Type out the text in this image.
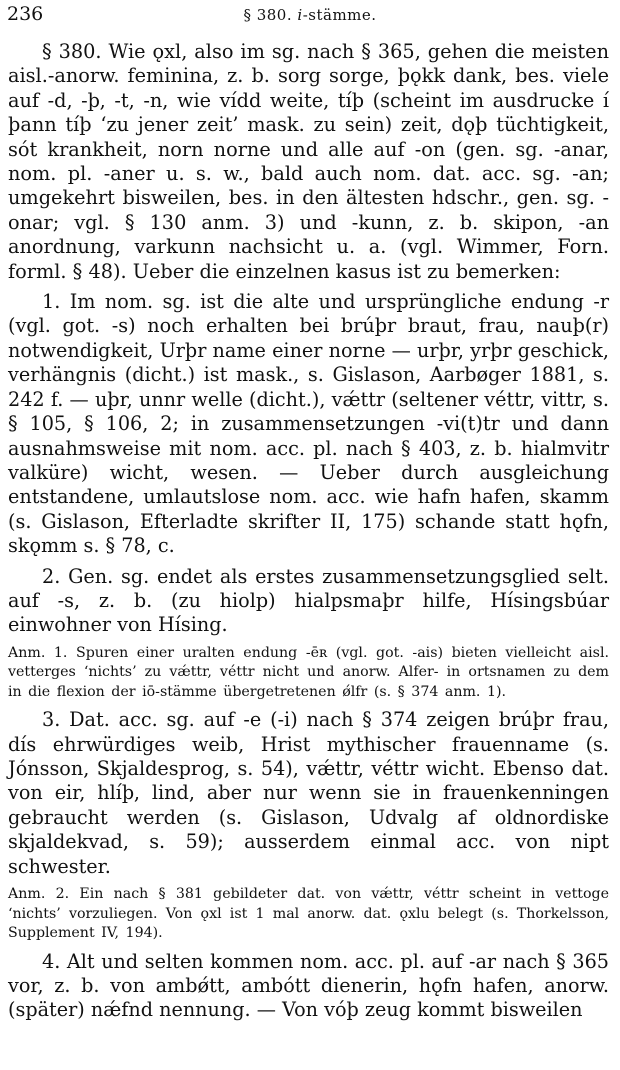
236	§ 380. i-stämme.

§ 380. Wie ǫxl, also im sg. nach § 365, gehen die meisten aisl.-anorw. feminina, z. b. sorg sorge, þǫkk dank, bes. viele auf -d, -þ, -t, -n, wie vídd weite, tíþ (scheint im ausdrucke í þann tíþ ‘zu jener zeit’ mask. zu sein) zeit, dǫþ tüchtigkeit, sót krankheit, norn norne und alle auf -on (gen. sg. -anar, nom. pl. -aner u. s. w., bald auch nom. dat. acc. sg. -an; umgekehrt bisweilen, bes. in den ältesten hdschr., gen. sg. -onar; vgl. § 130 anm. 3) und -kunn, z. b. skipon, -an anordnung, varkunn nachsicht u. a. (vgl. Wimmer, Forn. forml. § 48). Ueber die einzelnen kasus ist zu bemerken:

1. Im nom. sg. ist die alte und ursprüngliche endung -r (vgl. got. -s) noch erhalten bei brúþr braut, frau, nauþ(r) notwendigkeit, Urþr name einer norne — urþr, yrþr geschick, verhängnis (dicht.) ist mask., s. Gislason, Aarbøger 1881, s. 242 f. — uþr, unnr welle (dicht.), vǽttr (seltener véttr, vittr, s. § 105, § 106, 2; in zusammensetzungen -vi(t)tr und dann ausnahmsweise mit nom. acc. pl. nach § 403, z. b. hialmvitr valküre) wicht, wesen. — Ueber durch ausgleichung entstandene, umlautslose nom. acc. wie hafn hafen, skamm (s. Gislason, Efterladte skrifter II, 175) schande statt hǫfn, skǫmm s. § 78, c.

2. Gen. sg. endet als erstes zusammensetzungsglied selt. auf -s, z. b. (zu hiolp) hialpsmaþr hilfe, Hísingsbúar einwohner von Hísing.

Anm. 1. Spuren einer uralten endung -ēʀ (vgl. got. -ais) bieten vielleicht aisl. vetterges ‘nichts’ zu vǽttr, véttr nicht und anorw. Alfer- in ortsnamen zu dem in die flexion der iō-stämme übergetretenen ǿlfr (s. § 374 anm. 1).

3. Dat. acc. sg. auf -e (-i) nach § 374 zeigen brúþr frau, dís ehrwürdiges weib, Hrist mythischer frauenname (s. Jónsson, Skjaldesprog, s. 54), vǽttr, véttr wicht. Ebenso dat. von eir, hlíþ, lind, aber nur wenn sie in frauenkenningen gebraucht werden (s. Gislason, Udvalg af oldnordiske skjaldekvad, s. 59); ausserdem einmal acc. von nipt schwester.

Anm. 2. Ein nach § 381 gebildeter dat. von vǽttr, véttr scheint in vettoge ‘nichts’ vorzuliegen. Von ǫxl ist 1 mal anorw. dat. ǫxlu belegt (s. Thorkelsson, Supplement IV, 194).

4. Alt und selten kommen nom. acc. pl. auf -ar nach § 365 vor, z. b. von ambǿtt, ambótt dienerin, hǫfn hafen, anorw. (später) nǽfnd nennung. — Von vóþ zeug kommt bisweilen
